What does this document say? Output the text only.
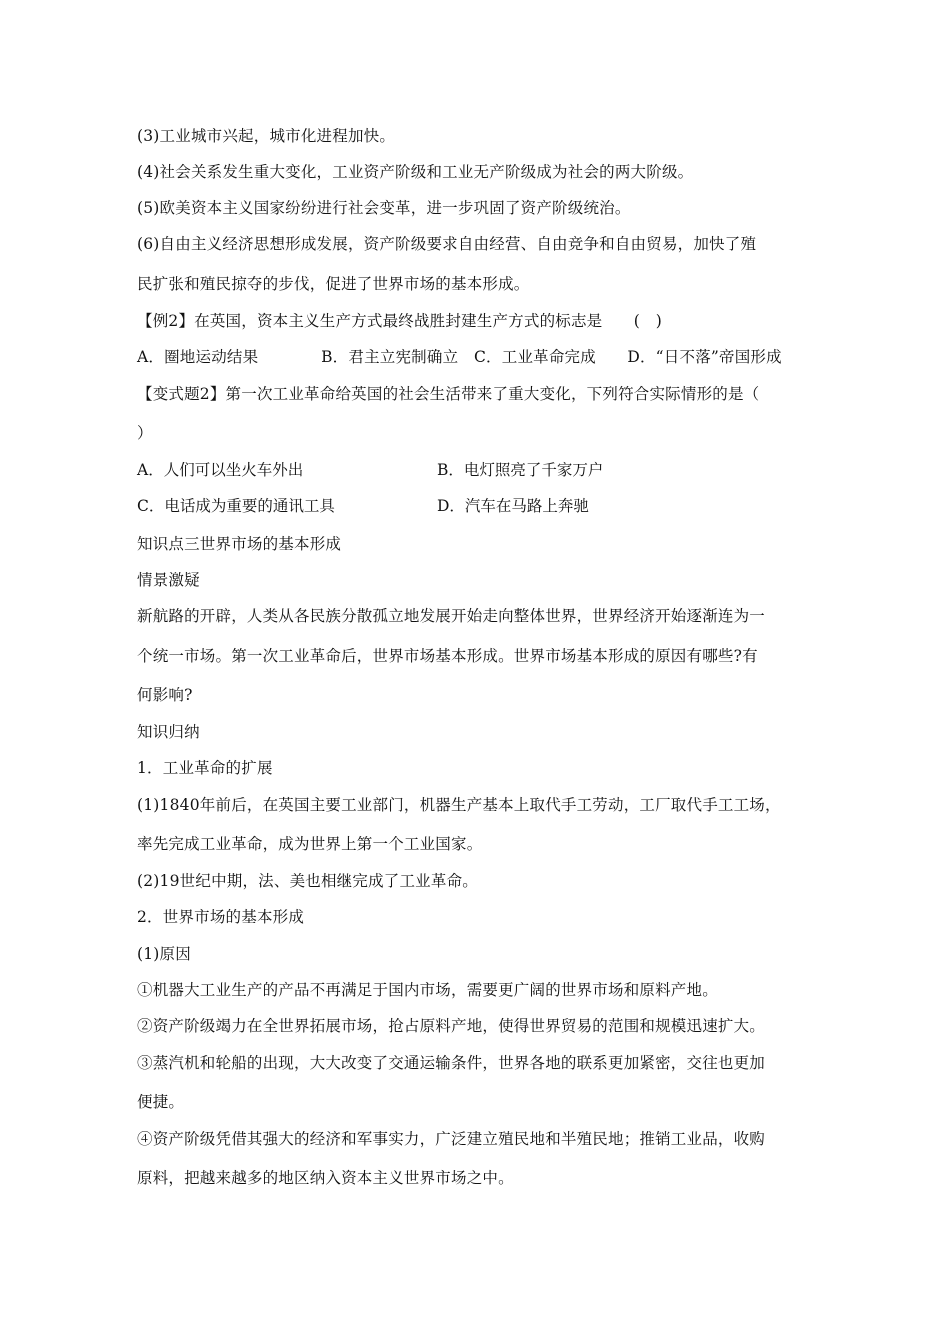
(3)工业城市兴起，城市化进程加快。
(4)社会关系发生重大变化，工业资产阶级和工业无产阶级成为社会的两大阶级。
(5)欧美资本主义国家纷纷进行社会变革，进一步巩固了资产阶级统治。
(6)自由主义经济思想形成发展，资产阶级要求自由经营、自由竞争和自由贸易，加快了殖
民扩张和殖民掠夺的步伐，促进了世界市场的基本形成。
【例2】在英国，资本主义生产方式最终战胜封建生产方式的标志是　　(　)
A．圈地运动结果　　　　B．君主立宪制确立　C．工业革命完成　　D．“日不落”帝国形成
【变式题2】第一次工业革命给英国的社会生活带来了重大变化，下列符合实际情形的是（
）
A．人们可以坐火车外出	B．电灯照亮了千家万户
C．电话成为重要的通讯工具	D．汽车在马路上奔驰
知识点三世界市场的基本形成
情景激疑
新航路的开辟，人类从各民族分散孤立地发展开始走向整体世界，世界经济开始逐渐连为一
个统一市场。第一次工业革命后，世界市场基本形成。世界市场基本形成的原因有哪些?有
何影响?
知识归纳
1．工业革命的扩展
(1)1840年前后，在英国主要工业部门，机器生产基本上取代手工劳动，工厂取代手工工场，
率先完成工业革命，成为世界上第一个工业国家。
(2)19世纪中期，法、美也相继完成了工业革命。
2．世界市场的基本形成
(1)原因
①机器大工业生产的产品不再满足于国内市场，需要更广阔的世界市场和原料产地。
②资产阶级竭力在全世界拓展市场，抢占原料产地，使得世界贸易的范围和规模迅速扩大。
③蒸汽机和轮船的出现，大大改变了交通运输条件，世界各地的联系更加紧密，交往也更加
便捷。
④资产阶级凭借其强大的经济和军事实力，广泛建立殖民地和半殖民地；推销工业品，收购
原料，把越来越多的地区纳入资本主义世界市场之中。
